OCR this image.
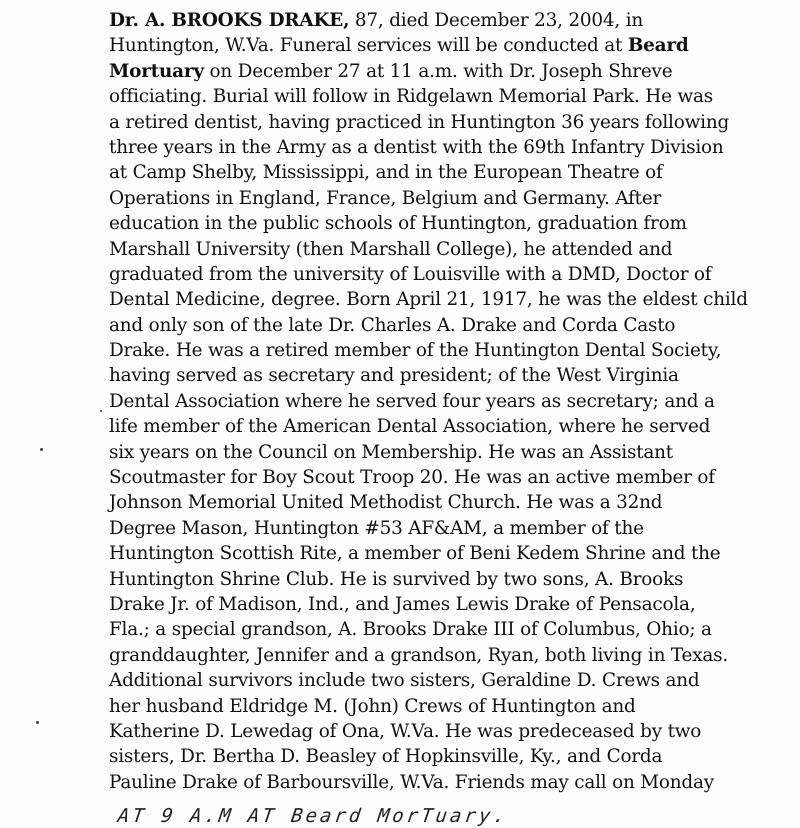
Dr. A. BROOKS DRAKE, 87, died December 23, 2004, in
Huntington, W.Va. Funeral services will be conducted at Beard
Mortuary on December 27 at 11 a.m. with Dr. Joseph Shreve
officiating. Burial will follow in Ridgelawn Memorial Park. He was
a retired dentist, having practiced in Huntington 36 years following
three years in the Army as a dentist with the 69th Infantry Division
at Camp Shelby, Mississippi, and in the European Theatre of
Operations in England, France, Belgium and Germany. After
education in the public schools of Huntington, graduation from
Marshall University (then Marshall College), he attended and
graduated from the university of Louisville with a DMD, Doctor of
Dental Medicine, degree. Born April 21, 1917, he was the eldest child
and only son of the late Dr. Charles A. Drake and Corda Casto
Drake. He was a retired member of the Huntington Dental Society,
having served as secretary and president; of the West Virginia
Dental Association where he served four years as secretary; and a
life member of the American Dental Association, where he served
six years on the Council on Membership. He was an Assistant
Scoutmaster for Boy Scout Troop 20. He was an active member of
Johnson Memorial United Methodist Church. He was a 32nd
Degree Mason, Huntington #53 AF&AM, a member of the
Huntington Scottish Rite, a member of Beni Kedem Shrine and the
Huntington Shrine Club. He is survived by two sons, A. Brooks
Drake Jr. of Madison, Ind., and James Lewis Drake of Pensacola,
Fla.; a special grandson, A. Brooks Drake III of Columbus, Ohio; a
granddaughter, Jennifer and a grandson, Ryan, both living in Texas.
Additional survivors include two sisters, Geraldine D. Crews and
her husband Eldridge M. (John) Crews of Huntington and
Katherine D. Lewedag of Ona, W.Va. He was predeceased by two
sisters, Dr. Bertha D. Beasley of Hopkinsville, Ky., and Corda
Pauline Drake of Barboursville, W.Va. Friends may call on Monday
AT 9 A.M AT Beard MorTuary.
